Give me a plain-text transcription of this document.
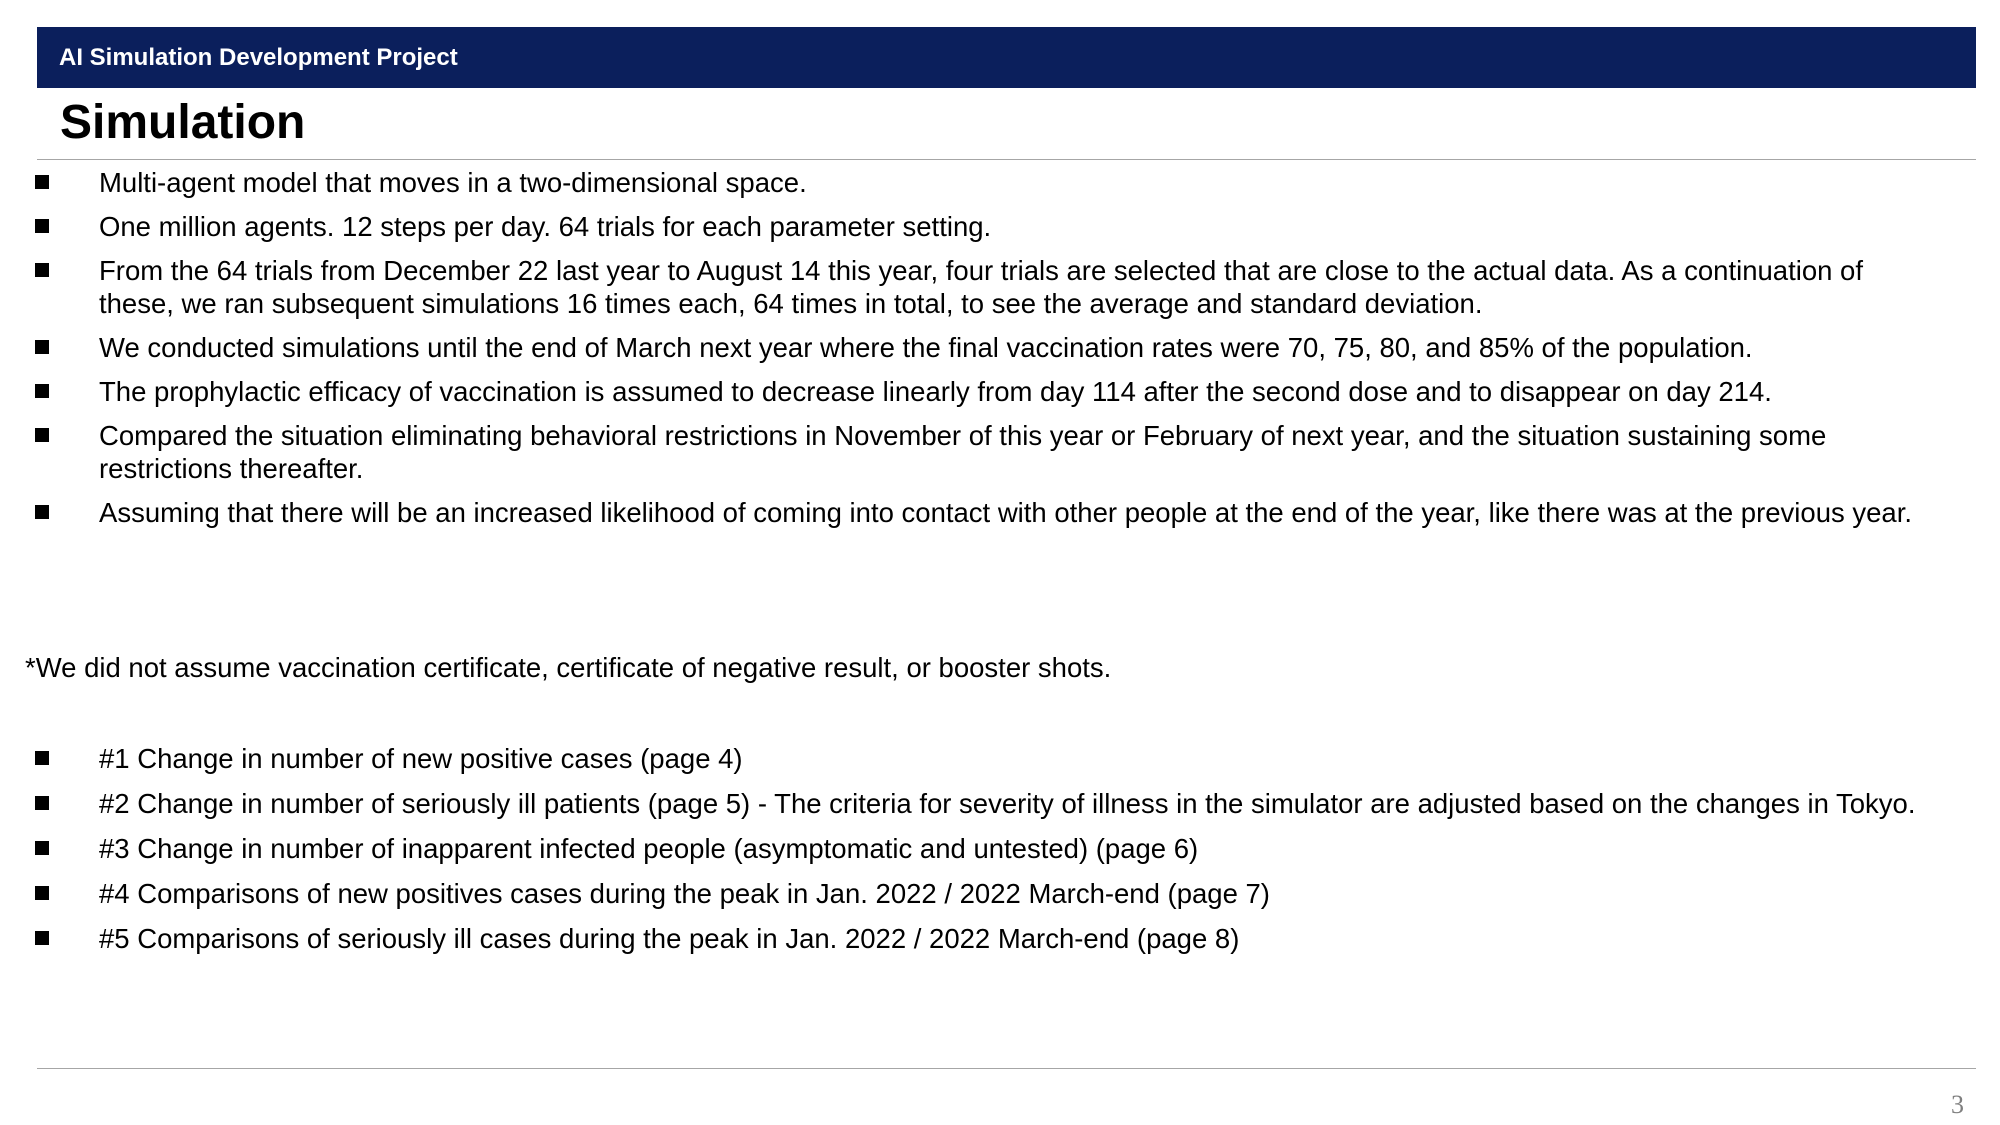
AI Simulation Development Project
Simulation
Multi-agent model that moves in a two-dimensional space.
One million agents. 12 steps per day. 64 trials for each parameter setting.
From the 64 trials from December 22 last year to August 14 this year, four trials are selected that are close to the actual data. As a continuation of these, we ran subsequent simulations 16 times each, 64 times in total, to see the average and standard deviation.
We conducted simulations until the end of March next year where the final vaccination rates were 70, 75, 80, and 85% of the population.
The prophylactic efficacy of vaccination is assumed to decrease linearly from day 114 after the second dose and to disappear on day 214.
Compared the situation eliminating behavioral restrictions in November of this year or February of next year, and the situation sustaining some restrictions thereafter.
Assuming that there will be an increased likelihood of coming into contact with other people at the end of the year, like there was at the previous year.

*We did not assume vaccination certificate, certificate of negative result, or booster shots.

#1 Change in number of new positive cases (page 4)
#2 Change in number of seriously ill patients (page 5) - The criteria for severity of illness in the simulator are adjusted based on the changes in Tokyo.
#3 Change in number of inapparent infected people (asymptomatic and untested) (page 6)
#4 Comparisons of new positives cases during the peak in Jan. 2022 / 2022 March-end (page 7)
#5 Comparisons of seriously ill cases during the peak in Jan. 2022 / 2022 March-end (page 8)
3
